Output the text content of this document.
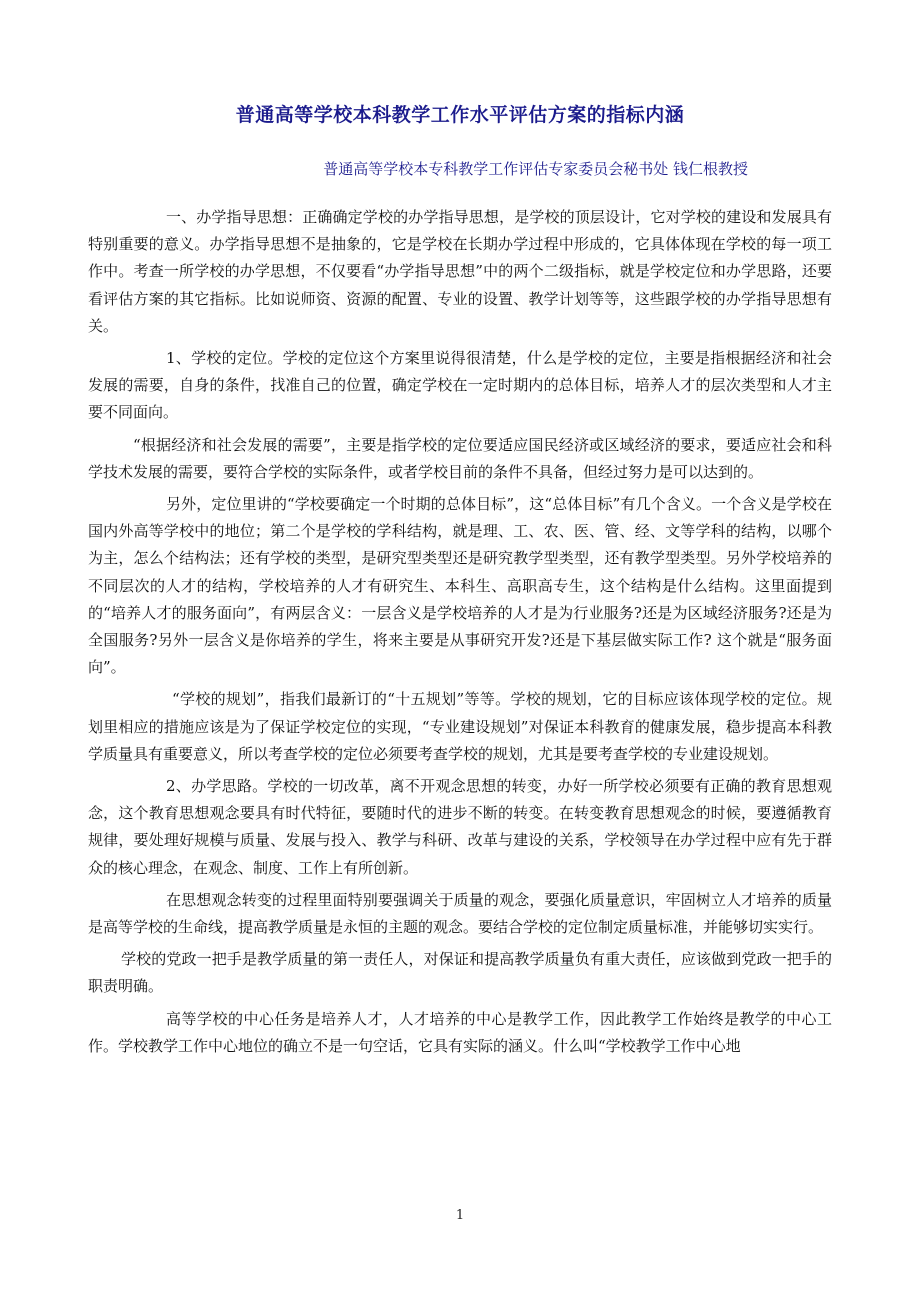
普通高等学校本科教学工作水平评估方案的指标内涵
普通高等学校本专科教学工作评估专家委员会秘书处 钱仁根教授

一、办学指导思想：正确确定学校的办学指导思想，是学校的顶层设计，它对学校的建设和发展具有特别重要的意义。办学指导思想不是抽象的，它是学校在长期办学过程中形成的，它具体体现在学校的每一项工作中。考查一所学校的办学思想，不仅要看“办学指导思想”中的两个二级指标，就是学校定位和办学思路，还要看评估方案的其它指标。比如说师资、资源的配置、专业的设置、教学计划等等，这些跟学校的办学指导思想有关。

1、学校的定位。学校的定位这个方案里说得很清楚，什么是学校的定位，主要是指根据经济和社会发展的需要，自身的条件，找准自己的位置，确定学校在一定时期内的总体目标，培养人才的层次类型和人才主要不同面向。

“根据经济和社会发展的需要”，主要是指学校的定位要适应国民经济或区域经济的要求，要适应社会和科学技术发展的需要，要符合学校的实际条件，或者学校目前的条件不具备，但经过努力是可以达到的。

另外，定位里讲的“学校要确定一个时期的总体目标”，这“总体目标”有几个含义。一个含义是学校在国内外高等学校中的地位；第二个是学校的学科结构，就是理、工、农、医、管、经、文等学科的结构，以哪个为主，怎么个结构法；还有学校的类型，是研究型类型还是研究教学型类型，还有教学型类型。另外学校培养的不同层次的人才的结构，学校培养的人才有研究生、本科生、高职高专生，这个结构是什么结构。这里面提到的“培养人才的服务面向”，有两层含义：一层含义是学校培养的人才是为行业服务?还是为区域经济服务?还是为全国服务?另外一层含义是你培养的学生，将来主要是从事研究开发?还是下基层做实际工作? 这个就是“服务面向”。

“学校的规划”，指我们最新订的“十五规划”等等。学校的规划，它的目标应该体现学校的定位。规划里相应的措施应该是为了保证学校定位的实现，“专业建设规划”对保证本科教育的健康发展，稳步提高本科教学质量具有重要意义，所以考查学校的定位必须要考查学校的规划，尤其是要考查学校的专业建设规划。

2、办学思路。学校的一切改革，离不开观念思想的转变，办好一所学校必须要有正确的教育思想观念，这个教育思想观念要具有时代特征，要随时代的进步不断的转变。在转变教育思想观念的时候，要遵循教育规律，要处理好规模与质量、发展与投入、教学与科研、改革与建设的关系，学校领导在办学过程中应有先于群众的核心理念，在观念、制度、工作上有所创新。

在思想观念转变的过程里面特别要强调关于质量的观念，要强化质量意识，牢固树立人才培养的质量是高等学校的生命线，提高教学质量是永恒的主题的观念。要结合学校的定位制定质量标准，并能够切实实行。

学校的党政一把手是教学质量的第一责任人，对保证和提高教学质量负有重大责任，应该做到党政一把手的职责明确。

高等学校的中心任务是培养人才，人才培养的中心是教学工作，因此教学工作始终是教学的中心工作。学校教学工作中心地位的确立不是一句空话，它具有实际的涵义。什么叫“学校教学工作中心地

1
